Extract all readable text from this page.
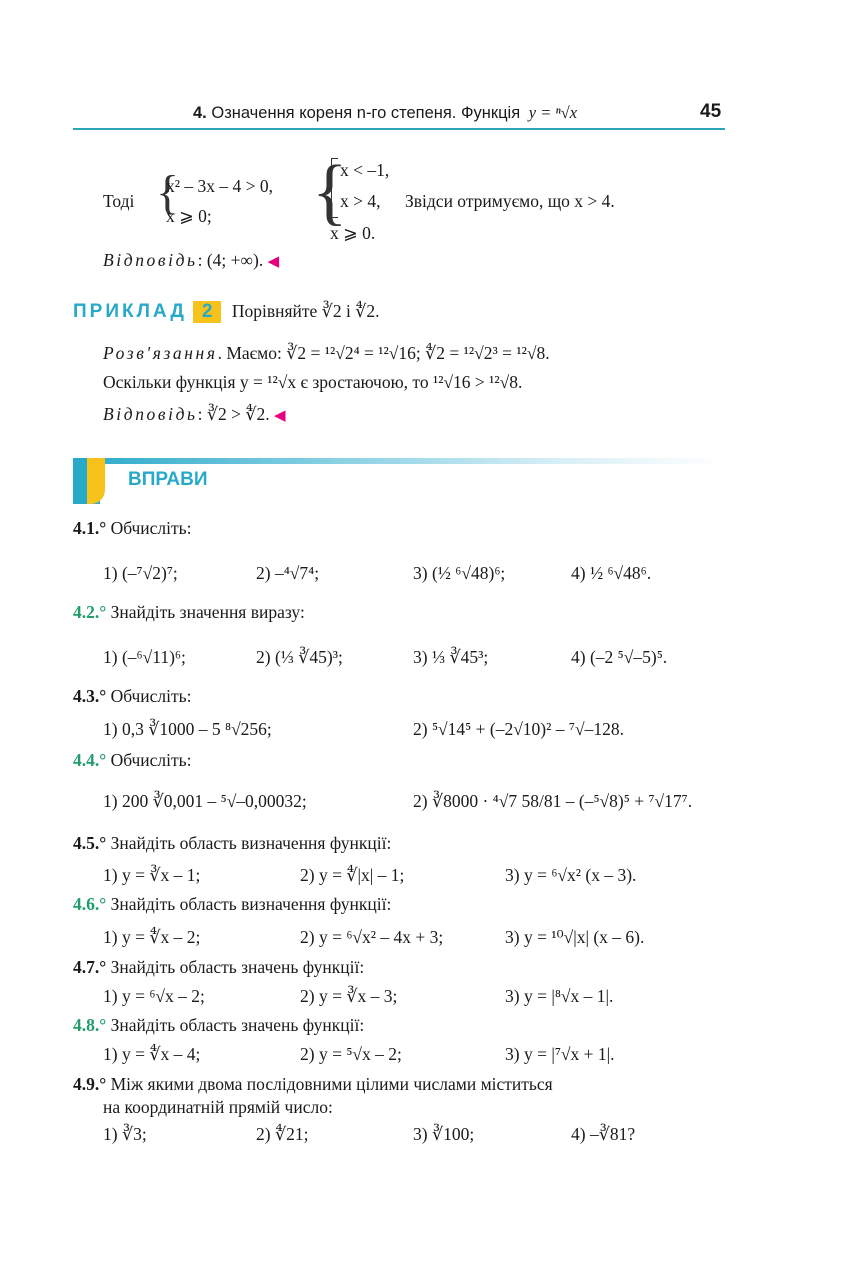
4. Означення кореня n-го степеня. Функція y = ⁿ√x	45
Тоді {
x² – 3x – 4 > 0,
x ⩾ 0; {
x < –1,
x > 4,
x ⩾ 0.
Звідси отримуємо, що x > 4.
Відповідь: (4; +∞). ◀
ПРИКЛАД 2 Порівняйте ∛2 і ∜2.
Розв'язання. Маємо: ∛2 = ¹²√2⁴ = ¹²√16; ∜2 = ¹²√2³ = ¹²√8.
Оскільки функція y = ¹²√x є зростаючою, то ¹²√16 > ¹²√8.
Відповідь: ∛2 > ∜2. ◀
ВПРАВИ
4.1.° Обчисліть:
1) (–⁷√2)⁷;	2) –⁴√7⁴;	3) (½ ⁶√48)⁶;	4) ½ ⁶√48⁶.
4.2.° Знайдіть значення виразу:
1) (–⁶√11)⁶;	2) (⅓ ∛45)³;	3) ⅓ ∛45³;	4) (–2 ⁵√–5)⁵.
4.3.° Обчисліть:
1) 0,3 ∛1000 – 5 ⁸√256;	2) ⁵√14⁵ + (–2√10)² – ⁷√–128.
4.4.° Обчисліть:
1) 200 ∛0,001 – ⁵√–0,00032;	2) ∛8000 · ⁴√7 58/81 – (–⁵√8)⁵ + ⁷√17⁷.
4.5.° Знайдіть область визначення функції:
1) y = ∛x – 1;	2) y = ∜|x| – 1;	3) y = ⁶√x² (x – 3).
4.6.° Знайдіть область визначення функції:
1) y = ∜x – 2;	2) y = ⁶√x² – 4x + 3;	3) y = ¹⁰√|x| (x – 6).
4.7.° Знайдіть область значень функції:
1) y = ⁶√x – 2;	2) y = ∛x – 3;	3) y = |⁸√x – 1|.
4.8.° Знайдіть область значень функції:
1) y = ∜x – 4;	2) y = ⁵√x – 2;	3) y = |⁷√x + 1|.
4.9.° Між якими двома послідовними цілими числами міститься
на координатній прямій число:
1) ∛3;	2) ∜21;	3) ∛100;	4) –∛81?
